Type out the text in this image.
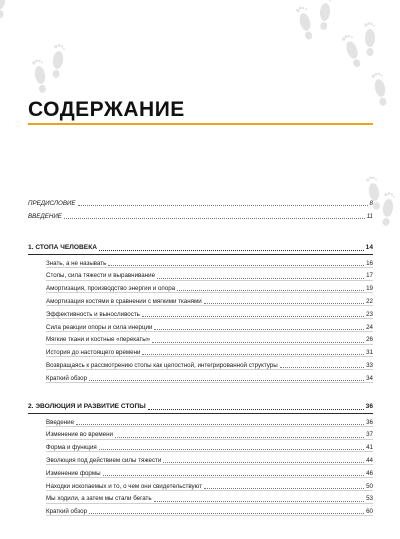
СОДЕРЖАНИЕ
ПРЕДИСЛОВИЕ	8
ВВЕДЕНИЕ	11
1. СТОПА ЧЕЛОВЕКА	14
Знать, а не называть	16
Стопы, сила тяжести и выравнивание	17
Амортизация, производство энергии и опора	19
Амортизация костями в сравнении с мягкими тканями	22
Эффективность и выносливость	23
Сила реакции опоры и сила инерции	24
Мягкие ткани и костные «перекаты»	26
История до настоящего времени	31
Возвращаясь к рассмотрению стопы как целостной, интегрированной структуры	33
Краткий обзор	34
2. ЭВОЛЮЦИЯ И РАЗВИТИЕ СТОПЫ	36
Введение	36
Изменение во времени	37
Форма и функция	41
Эволюция под действием силы тяжести	44
Изменение формы	46
Находки ископаемых и то, о чем они свидетельствуют	50
Мы ходили, а затем мы стали бегать	53
Краткий обзор	60
